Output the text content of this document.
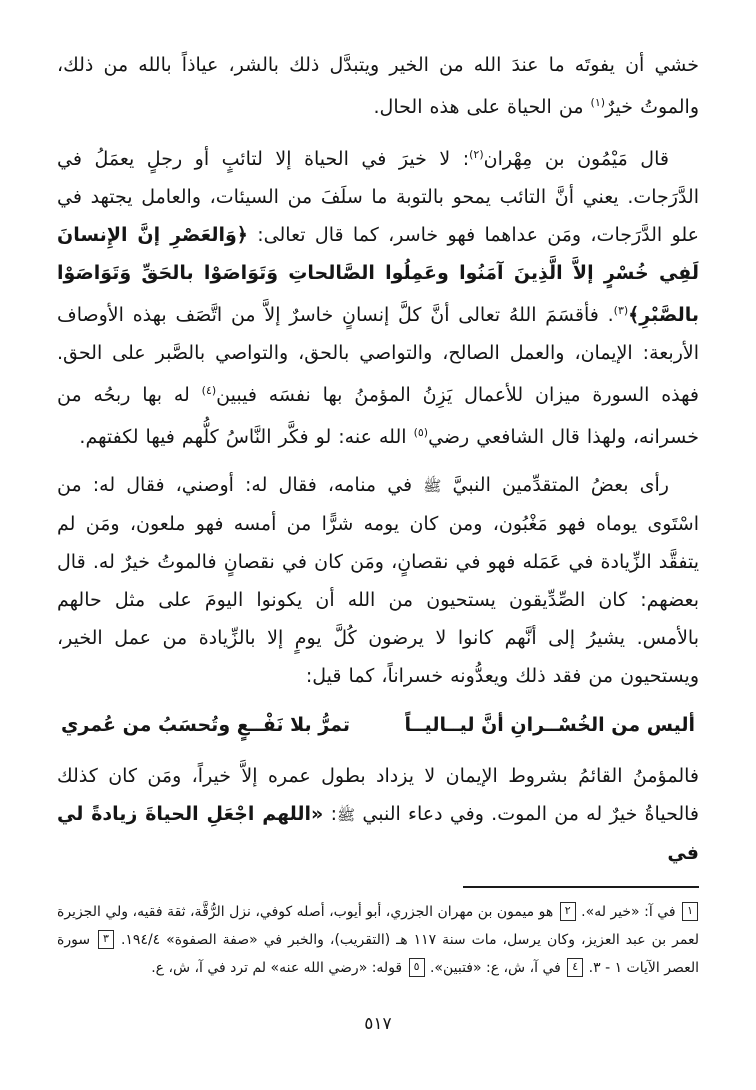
خشي أن يفوتَه ما عندَ الله من الخير ويتبدَّل ذلك بالشر، عياذاً بالله من ذلك، والموتُ خيرٌ$^{(١)}$ من الحياة على هذه الحال.

قال مَيْمُون بن مِهْران$^{(٢)}$: لا خيرَ في الحياة إلا لتائبٍ أو رجلٍ يعمَلُ في الدَّرَجات. يعني أنَّ التائب يمحو بالتوبة ما سلَفَ من السيئات، والعامل يجتهد في علو الدَّرَجات، ومَن عداهما فهو خاسر، كما قال تعالى: ﴿وَالعَصْرِ إنَّ الإِنسانَ لَفِي خُسْرٍ إلاَّ الَّذِينَ آمَنُوا وعَمِلُوا الصَّالحاتِ وَتَوَاصَوْا بالحَقِّ وَتَوَاصَوْا بالصَّبْرِ﴾$^{(٣)}$. فأقسَمَ اللهُ تعالى أنَّ كلَّ إنسانٍ خاسرٌ إلاَّ من اتَّصَف بهذه الأوصاف الأربعة: الإيمان، والعمل الصالح، والتواصي بالحق، والتواصي بالصَّبر على الحق. فهذه السورة ميزان للأعمال يَزِنُ المؤمنُ بها نفسَه فيبين$^{(٤)}$ له بها ربحُه من خسرانه، ولهذا قال الشافعي رضي$^{(٥)}$ الله عنه: لو فكَّر النَّاسُ كلُّهم فيها لكفتهم.

رأى بعضُ المتقدِّمين النبيَّ ﷺ في منامه، فقال له: أوصني، فقال له: من اسْتَوى يوماه فهو مَغْبُون، ومن كان يومه شرًّا من أمسه فهو ملعون، ومَن لم يتفقَّد الزِّيادة في عَمَله فهو في نقصانٍ، ومَن كان في نقصانٍ فالموتُ خيرٌ له. قال بعضهم: كان الصِّدِّيقون يستحيون من الله أن يكونوا اليومَ على مثل حالهم بالأمس. يشيرُ إلى أنَّهم كانوا لا يرضون كُلَّ يومٍ إلا بالزِّيادة من عمل الخير، ويستحيون من فقد ذلك ويعدُّونه خسراناً، كما قيل:

أليس من الخُسْــرانِ أنَّ ليــاليــاً
تمرُّ بلا نَفْــعٍ وتُحسَبُ من عُمري

فالمؤمنُ القائمُ بشروط الإيمان لا يزداد بطول عمره إلاَّ خيراً، ومَن كان كذلك فالحياةُ خيرٌ له من الموت. وفي دعاء النبي ﷺ: «اللهم اجْعَلِ الحياةَ زيادةً لي في

١ في آ: «خير له». ٢ هو ميمون بن مهران الجزري، أبو أيوب، أصله كوفي، نزل الرُّقَّة، ثقة فقيه، ولي الجزيرة لعمر بن عبد العزيز، وكان يرسل، مات سنة ١١٧ هـ (التقريب)، والخبر في «صفة الصفوة» ١٩٤/٤. ٣ سورة العصر الآيات ١ - ٣. ٤ في آ، ش، ع: «فتبين». ٥ قوله: «رضي الله عنه» لم ترد في آ، ش، ع.
٥١٧
